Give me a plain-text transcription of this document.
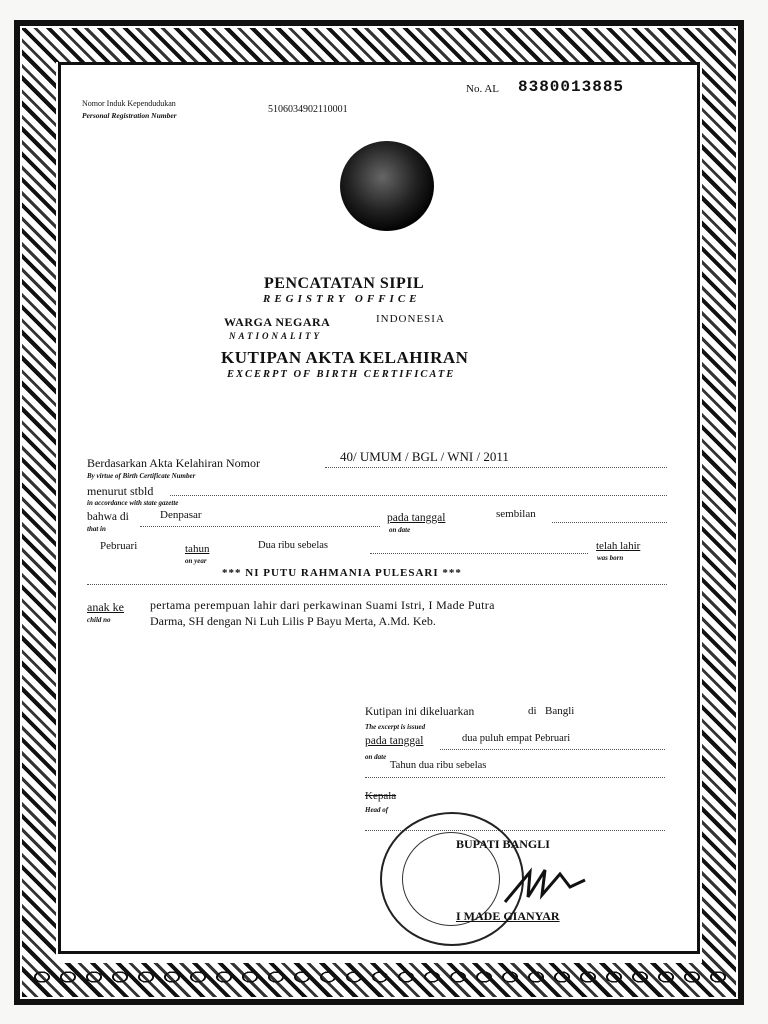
Nomor Induk Kependudukan
Personal Registration Number
5106034902110001
No. AL 8380013885
PENCATATAN SIPIL
REGISTRY OFFICE
WARGA NEGARA	INDONESIA
NATIONALITY
KUTIPAN AKTA KELAHIRAN
EXCERPT OF BIRTH CERTIFICATE
Berdasarkan Akta Kelahiran Nomor
By virtue of Birth Certificate Number
40/ UMUM / BGL / WNI / 2011
menurut stbld
in accordance with state gazette
bahwa di
that in
Denpasar	pada tanggal
on date
sembilan
Pebruari	tahun
on year
Dua ribu sebelas	telah lahir
was born
*** NI PUTU RAHMANIA PULESARI ***
anak ke
child no
pertama perempuan lahir dari perkawinan Suami Istri, I Made Putra
Darma, SH dengan Ni Luh Lilis P Bayu Merta, A.Md. Keb.
Kutipan ini dikeluarkan	di Bangli
The excerpt is issued
pada tanggal	dua puluh empat Pebruari
on date
Tahun dua ribu sebelas
Kepala
Head of
BUPATI BANGLI
I MADE GIANYAR
